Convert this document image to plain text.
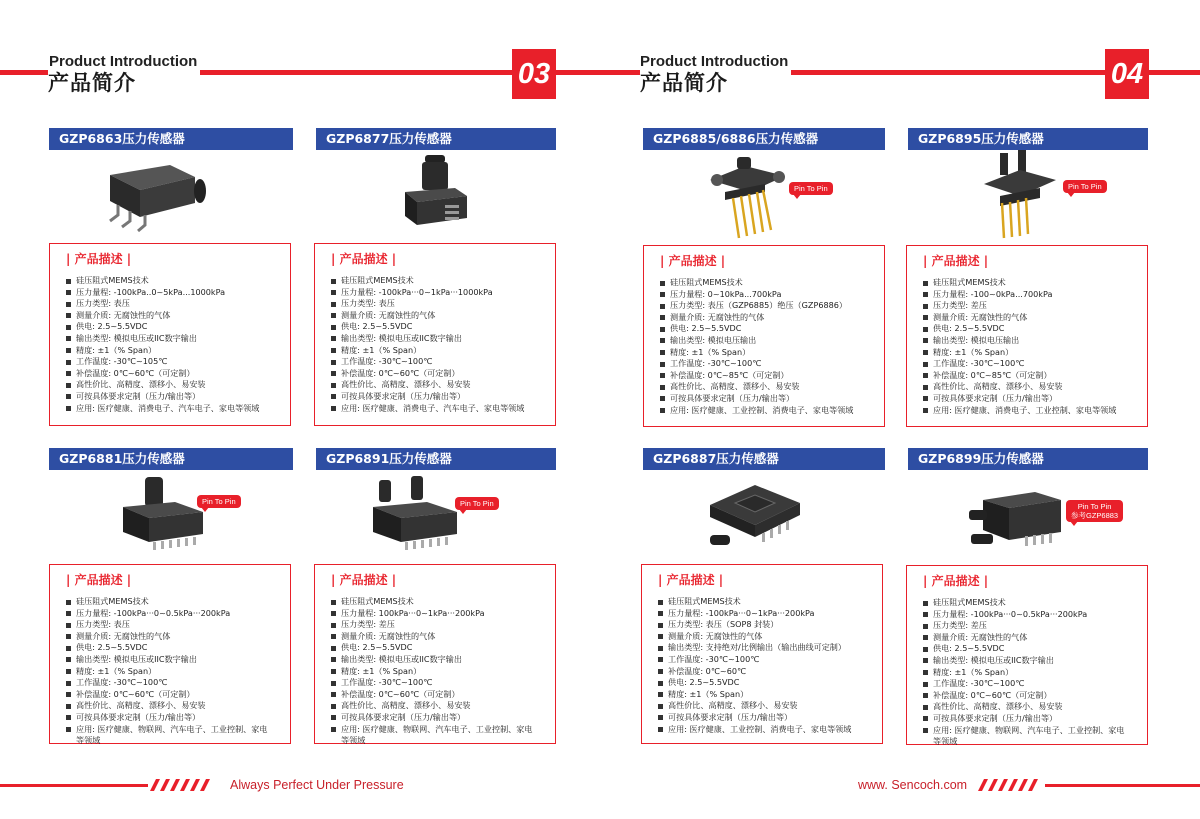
Product Introduction
产品简介	03	Product Introduction
产品简介	04
GZP6863压力传感器	GZP6877压力传感器
GZP6881压力传感器	GZP6891压力传感器
GZP6885/6886压力传感器	GZP6895压力传感器
GZP6887压力传感器	GZP6899压力传感器
Pin To Pin	Pin To Pin
Pin To Pin	Pin To Pin	Pin To Pin
参考GZP6883
| 产品描述 |
硅压阻式MEMS技术
压力量程: -100kPa..0~5kPa...1000kPa
压力类型: 表压
测量介质: 无腐蚀性的气体
供电: 2.5~5.5VDC
输出类型: 模拟电压或IIC数字输出
精度: ±1（% Span）
工作温度: -30℃~105℃
补偿温度: 0℃~60℃（可定制）
高性价比、高精度、漂移小、易安装
可按具体要求定制（压力/输出等）
应用: 医疗健康、消费电子、汽车电子、家电等领域
| 产品描述 |
硅压阻式MEMS技术
压力量程: -100kPa···0~1kPa···1000kPa
压力类型: 表压
测量介质: 无腐蚀性的气体
供电: 2.5~5.5VDC
输出类型: 模拟电压或IIC数字输出
精度: ±1（% Span）
工作温度: -30℃~100℃
补偿温度: 0℃~60℃（可定制）
高性价比、高精度、漂移小、易安装
可按具体要求定制（压力/输出等）
应用: 医疗健康、消费电子、汽车电子、家电等领域
| 产品描述 |
硅压阻式MEMS技术
压力量程: -100kPa···0~0.5kPa···200kPa
压力类型: 表压
测量介质: 无腐蚀性的气体
供电: 2.5~5.5VDC
输出类型: 模拟电压或IIC数字输出
精度: ±1（% Span）
工作温度: -30℃~100℃
补偿温度: 0℃~60℃（可定制）
高性价比、高精度、漂移小、易安装
可按具体要求定制（压力/输出等）
应用: 医疗健康、物联网、汽车电子、工业控制、家电等领域
| 产品描述 |
硅压阻式MEMS技术
压力量程: 100kPa···0~1kPa···200kPa
压力类型: 差压
测量介质: 无腐蚀性的气体
供电: 2.5~5.5VDC
输出类型: 模拟电压或IIC数字输出
精度: ±1（% Span）
工作温度: -30℃~100℃
补偿温度: 0℃~60℃（可定制）
高性价比、高精度、漂移小、易安装
可按具体要求定制（压力/输出等）
应用: 医疗健康、物联网、汽车电子、工业控制、家电等领域
| 产品描述 |
硅压阻式MEMS技术
压力量程: 0~10kPa...700kPa
压力类型: 表压（GZP6885）绝压（GZP6886）
测量介质: 无腐蚀性的气体
供电: 2.5~5.5VDC
输出类型: 模拟电压输出
精度: ±1（% Span）
工作温度: -30℃~100℃
补偿温度: 0℃~85℃（可定制）
高性价比、高精度、漂移小、易安装
可按具体要求定制（压力/输出等）
应用: 医疗健康、工业控制、消费电子、家电等领域
| 产品描述 |
硅压阻式MEMS技术
压力量程: -100~0kPa...700kPa
压力类型: 差压
测量介质: 无腐蚀性的气体
供电: 2.5~5.5VDC
输出类型: 模拟电压输出
精度: ±1（% Span）
工作温度: -30℃~100℃
补偿温度: 0℃~85℃（可定制）
高性价比、高精度、漂移小、易安装
可按具体要求定制（压力/输出等）
应用: 医疗健康、消费电子、工业控制、家电等领域
| 产品描述 |
硅压阻式MEMS技术
压力量程: -100kPa···0~1kPa···200kPa
压力类型: 表压（SOP8 封装）
测量介质: 无腐蚀性的气体
输出类型: 支持绝对/比例输出（输出曲线可定制）
工作温度: -30℃~100℃
补偿温度: 0℃~60℃
供电: 2.5~5.5VDC
精度: ±1（% Span）
高性价比、高精度、漂移小、易安装
可按具体要求定制（压力/输出等）
应用: 医疗健康、工业控制、消费电子、家电等领域
| 产品描述 |
硅压阻式MEMS技术
压力量程: -100kPa···0~0.5kPa···200kPa
压力类型: 差压
测量介质: 无腐蚀性的气体
供电: 2.5~5.5VDC
输出类型: 模拟电压或IIC数字输出
精度: ±1（% Span）
工作温度: -30℃~100℃
补偿温度: 0℃~60℃（可定制）
高性价比、高精度、漂移小、易安装
可按具体要求定制（压力/输出等）
应用: 医疗健康、物联网、汽车电子、工业控制、家电等领域
Always Perfect Under Pressure	www. Sencoch.com
